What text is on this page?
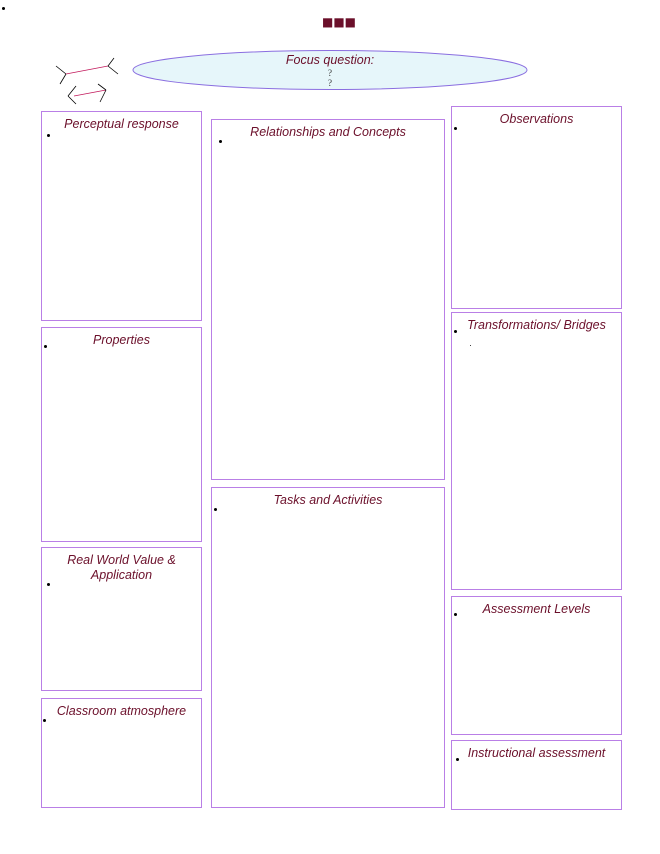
■■■
Focus question:
?
?
Perceptual response
Properties
Real World Value & Application
Classroom atmosphere
Relationships and Concepts
Tasks and Activities
Observations
Transformations/ Bridges
Assessment Levels
Instructional assessment
